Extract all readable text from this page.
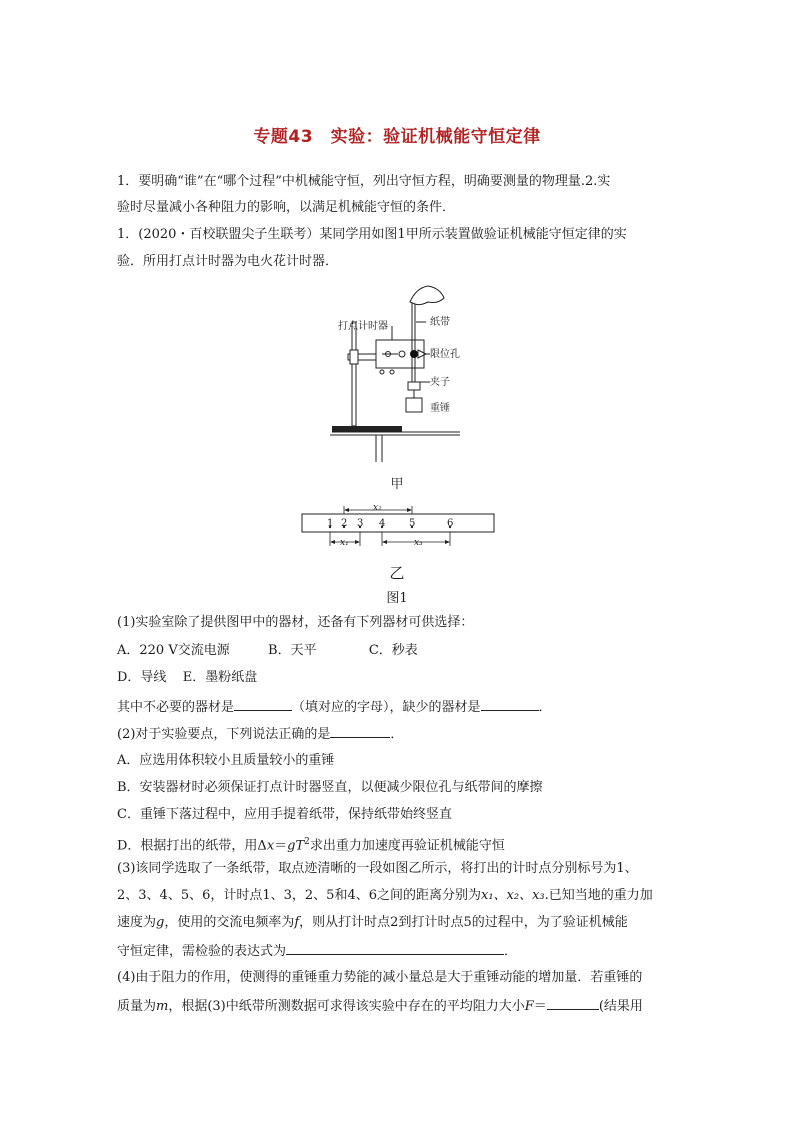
专题43　实验：验证机械能守恒定律
1．要明确“谁”在“哪个过程”中机械能守恒，列出守恒方程，明确要测量的物理量.2.实
验时尽量减小各种阻力的影响，以满足机械能守恒的条件．
1．(2020・百校联盟尖子生联考）某同学用如图1甲所示装置做验证机械能守恒定律的实
验．所用打点计时器为电火花计时器．
打点计时器	纸带
限位孔
夹子
重锤
甲
x₂
x₁	x₃
1 2 3 4 5	6
乙
图1
(1)实验室除了提供图甲中的器材，还备有下列器材可供选择：
A．220 V交流电源	B．天平	C．秒表
D．导线 E．墨粉纸盘
其中不必要的器材是	（填对应的字母），缺少的器材是	．
(2)对于实验要点，下列说法正确的是	．
A．应选用体积较小且质量较小的重锤
B．安装器材时必须保证打点计时器竖直，以便减少限位孔与纸带间的摩擦
C．重锤下落过程中，应用手提着纸带，保持纸带始终竖直
D．根据打出的纸带，用$\Delta x=gT^2$求出重力加速度再验证机械能守恒
(3)该同学选取了一条纸带，取点迹清晰的一段如图乙所示，将打出的计时点分别标号为1、
2、3、4、5、6，计时点1、3，2、5和4、6之间的距离分别为x₁、x₂、x₃.已知当地的重力加
速度为g，使用的交流电频率为f，则从打计时点2到打计时点5的过程中，为了验证机械能
守恒定律，需检验的表达式为	．
(4)由于阻力的作用，使测得的重锤重力势能的减小量总是大于重锤动能的增加量．若重锤的
质量为m，根据(3)中纸带所测数据可求得该实验中存在的平均阻力大小F＝	(结果用
